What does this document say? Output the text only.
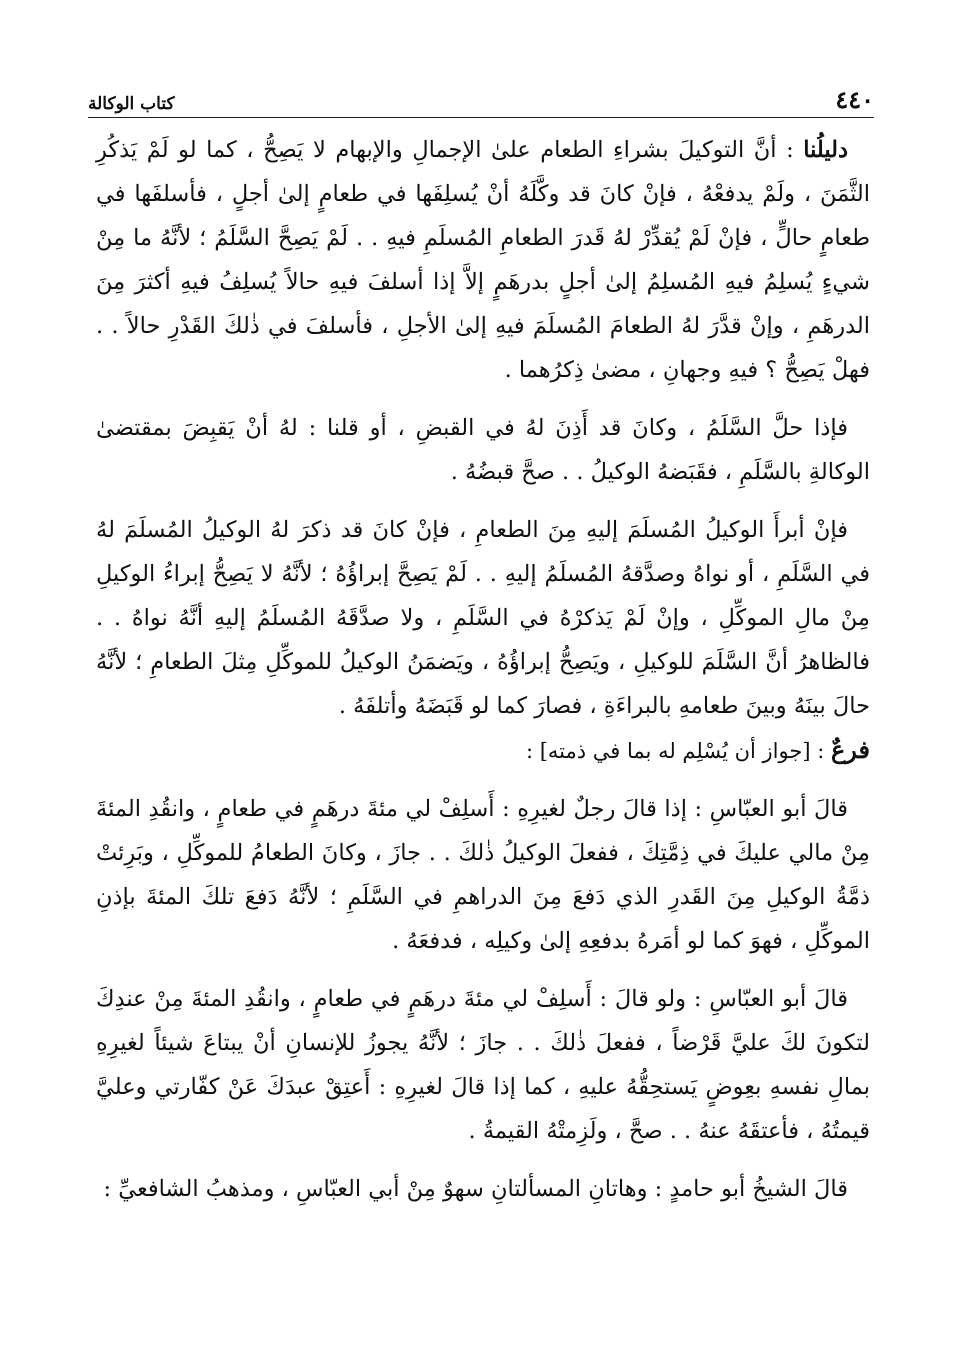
كتاب الوكالة	٤٤٠

دليلُنا : أنَّ التوكيلَ بشراءِ الطعام علىٰ الإجمالِ والإبهام لا يَصِحُّ ، كما لو لَمْ يَذكُرِ الثَّمَنَ ، ولَمْ يدفعْهُ ، فإنْ كانَ قد وكَّلَهُ أنْ يُسلِفَها في طعامٍ إلىٰ أجلٍ ، فأسلفَها في طعامٍ حالٍّ ، فإنْ لَمْ يُقدِّرْ لهُ قَدرَ الطعامِ المُسلَمِ فيهِ . . لَمْ يَصِحَّ السَّلَمُ ؛ لأنَّهُ ما مِنْ شيءٍ يُسلِمُ فيهِ المُسلِمُ إلىٰ أجلٍ بدرهَمٍ إلاَّ إذا أسلفَ فيهِ حالاً يُسلِفُ فيهِ أكثرَ مِنَ الدرهَمِ ، وإنْ قدَّرَ لهُ الطعامَ المُسلَمَ فيهِ إلىٰ الأجلِ ، فأسلفَ في ذٰلكَ القَدْرِ حالاً . . فهلْ يَصِحُّ ؟ فيهِ وجهانِ ، مضىٰ ذِكرُهما .

فإذا حلَّ السَّلَمُ ، وكانَ قد أَذِنَ لهُ في القبضِ ، أو قلنا : لهُ أنْ يَقبِضَ بمقتضىٰ الوكالةِ بالسَّلَمِ ، فقَبَضهُ الوكيلُ . . صحَّ قبضُهُ .

فإنْ أبرأَ الوكيلُ المُسلَمَ إليهِ مِنَ الطعامِ ، فإنْ كانَ قد ذكرَ لهُ الوكيلُ المُسلَمَ لهُ في السَّلَمِ ، أو نواهُ وصدَّقهُ المُسلَمُ إليهِ . . لَمْ يَصِحَّ إبراؤُهُ ؛ لأنَّهُ لا يَصِحُّ إبراءُ الوكيلِ مِنْ مالِ الموكِّلِ ، وإنْ لَمْ يَذكرْهُ في السَّلَمِ ، ولا صدَّقَهُ المُسلَمُ إليهِ أنَّهُ نواهُ . . فالظاهرُ أنَّ السَّلَمَ للوكيلِ ، ويَصِحُّ إبراؤُهُ ، ويَضمَنُ الوكيلُ للموكِّلِ مِثلَ الطعامِ ؛ لأنَّهُ حالَ بينَهُ وبينَ طعامهِ بالبراءَةِ ، فصارَ كما لو قَبَضَهُ وأتلفَهُ .

فرعٌ : [جواز أن يُسْلِم له بما في ذمته] :

قالَ أبو العبّاسِ : إذا قالَ رجلٌ لغيرِهِ : أَسلِفْ لي مئةَ درهَمٍ في طعامٍ ، وانقُدِ المئةَ مِنْ مالي عليكَ في ذِمَّتِكَ ، ففعلَ الوكيلُ ذٰلكَ . . جازَ ، وكانَ الطعامُ للموكِّلِ ، وبَرِئتْ ذمَّةُ الوكيلِ مِنَ القَدرِ الذي دَفعَ مِنَ الدراهمِ في السَّلَمِ ؛ لأنَّهُ دَفعَ تلكَ المئةَ بإذنِ الموكِّلِ ، فهوَ كما لو أمَرهُ بدفعِهِ إلىٰ وكيلِه ، فدفعَهُ .

قالَ أبو العبّاسِ : ولو قالَ : أَسلِفْ لي مئةَ درهَمٍ في طعامٍ ، وانقُدِ المئةَ مِنْ عندِكَ لتكونَ لكَ عليَّ قَرْضاً ، ففعلَ ذٰلكَ . . جازَ ؛ لأنَّهُ يجوزُ للإنسانِ أنْ يبتاعَ شيئاً لغيرِهِ بمالِ نفسهِ بعِوضٍ يَستحِقُّهُ عليهِ ، كما إذا قالَ لغيرِهِ : أَعتِقْ عبدَكَ عَنْ كفّارتي وعليَّ قيمتُهُ ، فأعتقَهُ عنهُ . . صحَّ ، ولَزِمتْهُ القيمةُ .

قالَ الشيخُ أبو حامدٍ : وهاتانِ المسألتانِ سهوٌ مِنْ أبي العبّاسِ ، ومذهبُ الشافعيِّ :
